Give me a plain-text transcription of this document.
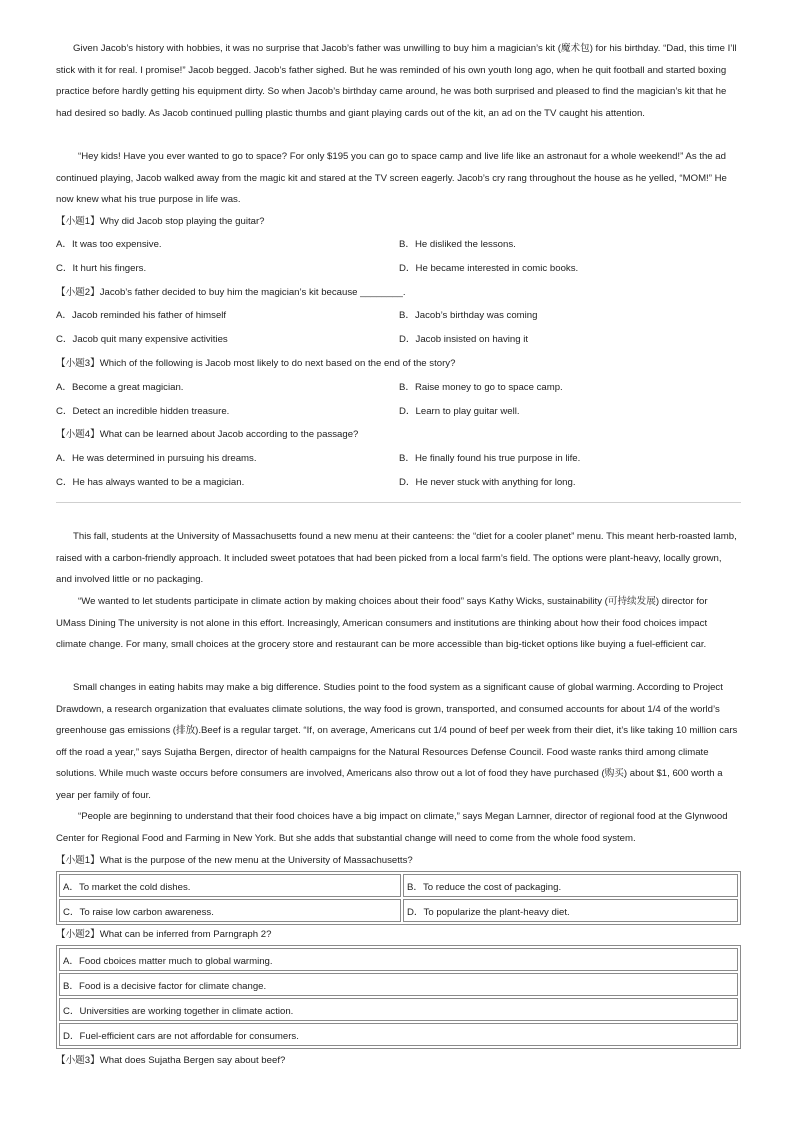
Given Jacob’s history with hobbies, it was no surprise that Jacob’s father was unwilling to buy him a magician’s kit (魔术包) for his birthday. “Dad, this time I’ll stick with it for real. I promise!” Jacob begged. Jacob’s father sighed. But he was reminded of his own youth long ago, when he quit football and started boxing practice before hardly getting his equipment dirty. So when Jacob’s birthday came around, he was both surprised and pleased to find the magician’s kit that he had desired so badly. As Jacob continued pulling plastic thumbs and giant playing cards out of the kit, an ad on the TV caught his attention.

“Hey kids! Have you ever wanted to go to space? For only $195 you can go to space camp and live life like an astronaut for a whole weekend!” As the ad continued playing, Jacob walked away from the magic kit and stared at the TV screen eagerly. Jacob’s cry rang throughout the house as he yelled, “MOM!” He now knew what his true purpose in life was.

【小题1】Why did Jacob stop playing the guitar?
A．It was too expensive.	B．He disliked the lessons.
C．It hurt his fingers.	D．He became interested in comic books.
【小题2】Jacob’s father decided to buy him the magician’s kit because ________.
A．Jacob reminded his father of himself	B．Jacob’s birthday was coming
C．Jacob quit many expensive activities	D．Jacob insisted on having it
【小题3】Which of the following is Jacob most likely to do next based on the end of the story?
A．Become a great magician.	B．Raise money to go to space camp.
C．Detect an incredible hidden treasure.	D．Learn to play guitar well.
【小题4】What can be learned about Jacob according to the passage?
A．He was determined in pursuing his dreams.	B．He finally found his true purpose in life.
C．He has always wanted to be a magician.	D．He never stuck with anything for long.

This fall, students at the University of Massachusetts found a new menu at their canteens: the “diet for a cooler planet” menu. This meant herb-roasted lamb, raised with a carbon-friendly approach. It included sweet potatoes that had been picked from a local farm’s field. The options were plant-heavy, locally grown, and involved little or no packaging.

“We wanted to let students participate in climate action by making choices about their food” says Kathy Wicks, sustainability (可持续发展) director for UMass Dining The university is not alone in this effort. Increasingly, American consumers and institutions are thinking about how their food choices impact climate change. For many, small choices at the grocery store and restaurant can be more accessible than big-ticket options like buying a fuel-efficient car.

Small changes in eating habits may make a big difference. Studies point to the food system as a significant cause of global warming. According to Project Drawdown, a research organization that evaluates climate solutions, the way food is grown, transported, and consumed accounts for about 1/4 of the world’s greenhouse gas emissions (排放).Beef is a regular target. “If, on average, Americans cut 1/4 pound of beef per week from their diet, it’s like taking 10 million cars off the road a year,” says Sujatha Bergen, director of health campaigns for the Natural Resources Defense Council. Food waste ranks third among climate solutions. While much waste occurs before consumers are involved, Americans also throw out a lot of food they have purchased (购买) about $1, 600 worth a year per family of four.

“People are beginning to understand that their food choices have a big impact on climate,” says Megan Larnner, director of regional food at the Glynwood Center for Regional Food and Farming in New York. But she adds that substantial change will need to come from the whole food system.

【小题1】What is the purpose of the new menu at the University of Massachusetts?
A．To market the cold dishes.	B．To reduce the cost of packaging.
C．To raise low carbon awareness.	D．To popularize the plant-heavy diet.
【小题2】What can be inferred from Parngraph 2?
A．Food cboices matter much to global warming.
B．Food is a decisive factor for climate change.
C．Universities are working together in climate action.
D．Fuel-efficient cars are not affordable for consumers.
【小题3】What does Sujatha Bergen say about beef?
